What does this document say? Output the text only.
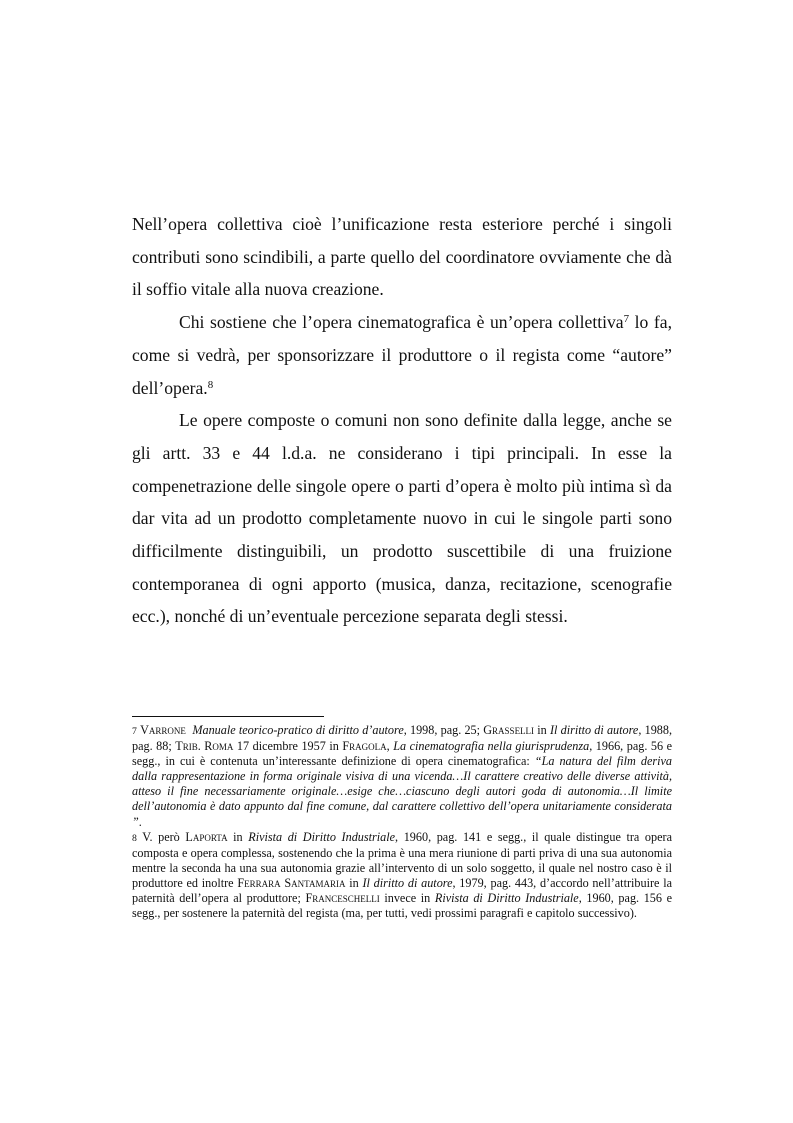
Nell’opera collettiva cioè l’unificazione resta esteriore perché i singoli contributi sono scindibili, a parte quello del coordinatore ovviamente che dà il soffio vitale alla nuova creazione.

Chi sostiene che l’opera cinematografica è un’opera collettiva$^7$ lo fa, come si vedrà, per sponsorizzare il produttore o il regista come “autore” dell’opera.$^8$

Le opere composte o comuni non sono definite dalla legge, anche se gli artt. 33 e 44 l.d.a. ne considerano i tipi principali. In esse la compenetrazione delle singole opere o parti d’opera è molto più intima sì da dar vita ad un prodotto completamente nuovo in cui le singole parti sono difficilmente distinguibili, un prodotto suscettibile di una fruizione contemporanea di ogni apporto (musica, danza, recitazione, scenografie ecc.), nonché di un’eventuale percezione separata degli stessi.

7 Varrone Manuale teorico-pratico di diritto d’autore, 1998, pag. 25; Grasselli in Il diritto di autore, 1988, pag. 88; Trib. Roma 17 dicembre 1957 in Fragola, La cinematografia nella giurisprudenza, 1966, pag. 56 e segg., in cui è contenuta un’interessante definizione di opera cinematografica: “La natura del film deriva dalla rappresentazione in forma originale visiva di una vicenda…Il carattere creativo delle diverse attività, atteso il fine necessariamente originale…esige che…ciascuno degli autori goda di autonomia…Il limite dell’autonomia è dato appunto dal fine comune, dal carattere collettivo dell’opera unitariamente considerata ”.

8 V. però Laporta in Rivista di Diritto Industriale, 1960, pag. 141 e segg., il quale distingue tra opera composta e opera complessa, sostenendo che la prima è una mera riunione di parti priva di una sua autonomia mentre la seconda ha una sua autonomia grazie all’intervento di un solo soggetto, il quale nel nostro caso è il produttore ed inoltre Ferrara Santamaria in Il diritto di autore, 1979, pag. 443, d’accordo nell’attribuire la paternità dell’opera al produttore; Franceschelli invece in Rivista di Diritto Industriale, 1960, pag. 156 e segg., per sostenere la paternità del regista (ma, per tutti, vedi prossimi paragrafi e capitolo successivo).
